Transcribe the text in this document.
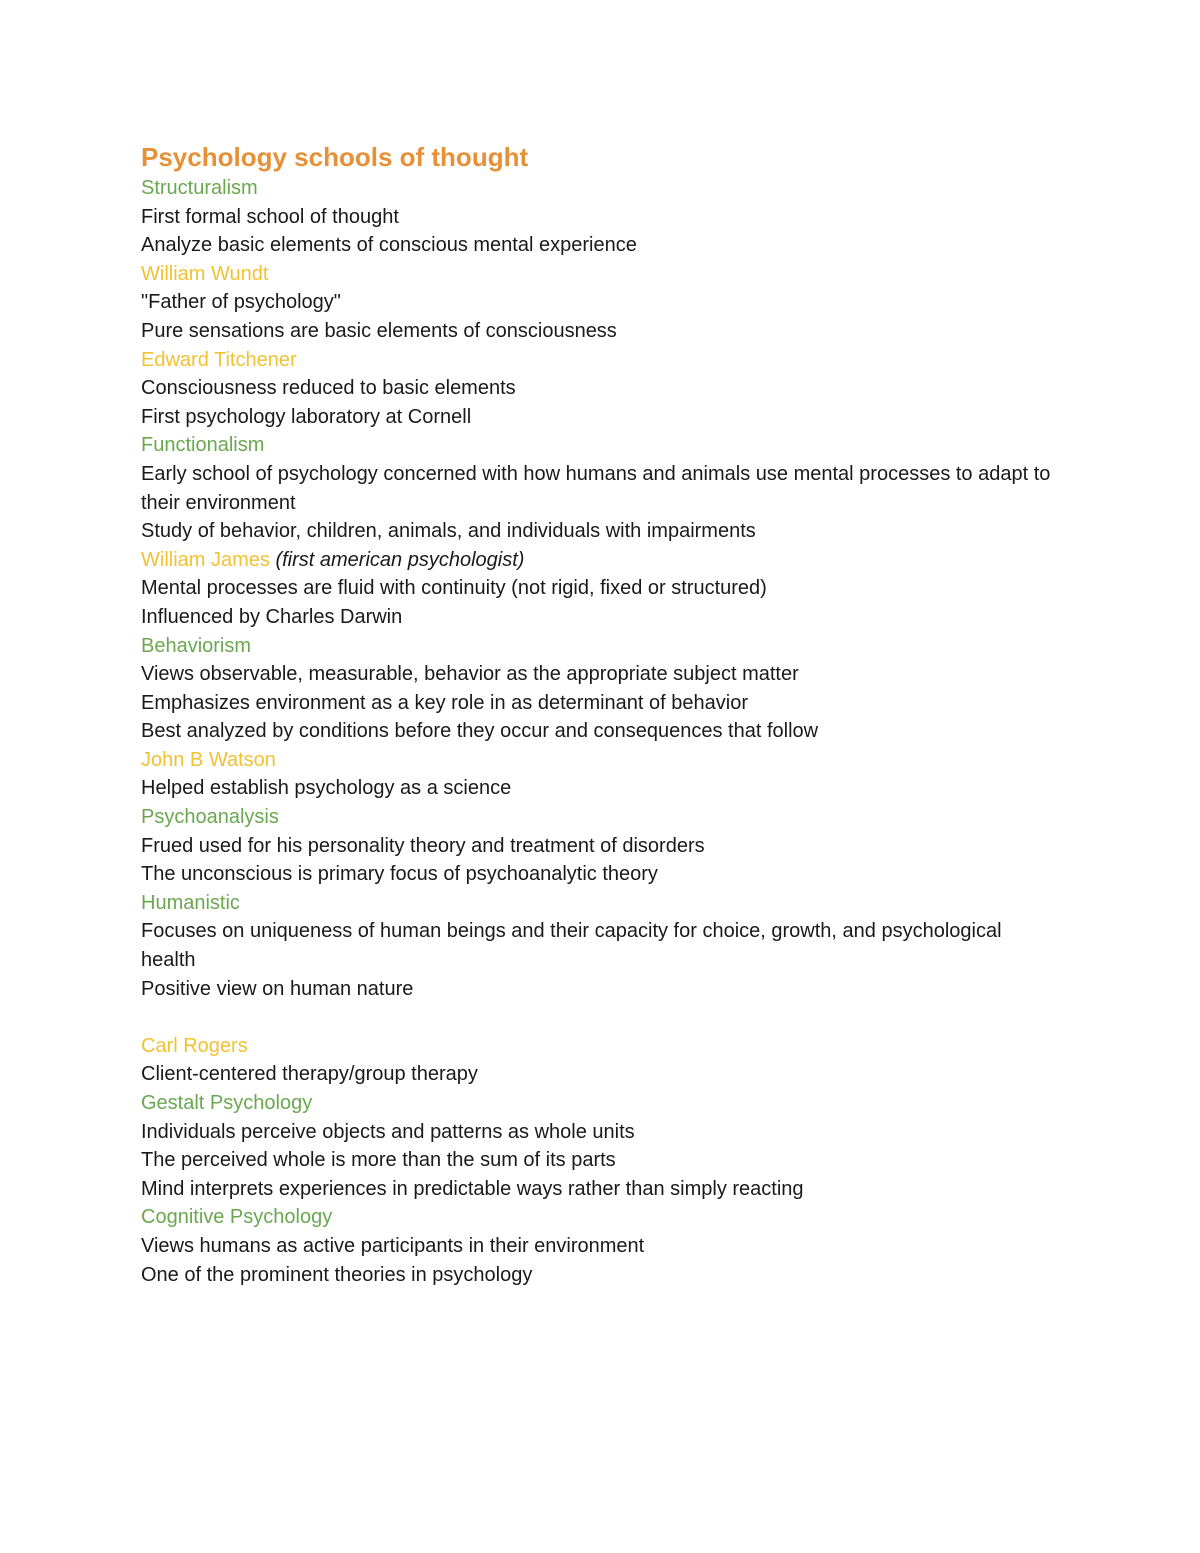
Psychology schools of thought
Structuralism
First formal school of thought
Analyze basic elements of conscious mental experience
William Wundt
"Father of psychology"
Pure sensations are basic elements of consciousness
Edward Titchener
Consciousness reduced to basic elements
First psychology laboratory at Cornell
Functionalism
Early school of psychology concerned with how humans and animals use mental processes to adapt to their environment
Study of behavior, children, animals, and individuals with impairments
William James (first american psychologist)
Mental processes are fluid with continuity (not rigid, fixed or structured)
Influenced by Charles Darwin
Behaviorism
Views observable, measurable, behavior as the appropriate subject matter
Emphasizes environment as a key role in as determinant of behavior
Best analyzed by conditions before they occur and consequences that follow
John B Watson
Helped establish psychology as a science
Psychoanalysis
Frued used for his personality theory and treatment of disorders
The unconscious is primary focus of psychoanalytic theory
Humanistic
Focuses on uniqueness of human beings and their capacity for choice, growth, and psychological health
Positive view on human nature
Carl Rogers
Client-centered therapy/group therapy
Gestalt Psychology
Individuals perceive objects and patterns as whole units
The perceived whole is more than the sum of its parts
Mind interprets experiences in predictable ways rather than simply reacting
Cognitive Psychology
Views humans as active participants in their environment
One of the prominent theories in psychology
